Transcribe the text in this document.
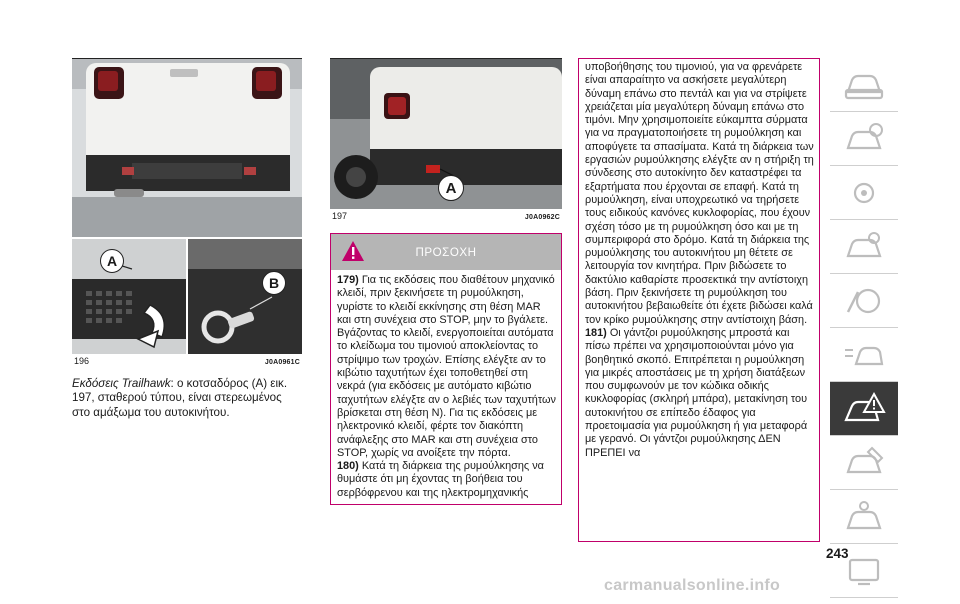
A
B
196	J0A0961C

Εκδόσεις Trailhawk: ο κοτσαδόρος (A) εικ. 197, σταθερού τύπου, είναι στερεωμένος στο αμάξωμα του αυτοκινήτου.

A
197	J0A0962C
ΠΡΟΣΟΧΗ

179) Για τις εκδόσεις που διαθέτουν μηχανικό κλειδί, πριν ξεκινήσετε τη ρυμούλκηση, γυρίστε το κλειδί εκκίνησης στη θέση MAR και στη συνέχεια στο STOP, μην το βγάλετε. Βγάζοντας το κλειδί, ενεργοποιείται αυτόματα το κλείδωμα του τιμονιού αποκλείοντας το στρίψιμο των τροχών. Επίσης ελέγξτε αν το κιβώτιο ταχυτήτων έχει τοποθετηθεί στη νεκρά (για εκδόσεις με αυτόματο κιβώτιο ταχυτήτων ελέγξτε αν ο λεβιές των ταχυτήτων βρίσκεται στη θέση N). Για τις εκδόσεις με ηλεκτρονικό κλειδί, φέρτε τον διακόπτη ανάφλεξης στο MAR και στη συνέχεια στο STOP, χωρίς να ανοίξετε την πόρτα.

180) Κατά τη διάρκεια της ρυμούλκησης να θυμάστε ότι μη έχοντας τη βοήθεια του σερβόφρενου και της ηλεκτρομηχανικής

υποβοήθησης του τιμονιού, για να φρενάρετε είναι απαραίτητο να ασκήσετε μεγαλύτερη δύναμη επάνω στο πεντάλ και για να στρίψετε χρειάζεται μία μεγαλύτερη δύναμη επάνω στο τιμόνι. Μην χρησιμοποιείτε εύκαμπτα σύρματα για να πραγματοποιήσετε τη ρυμούλκηση και αποφύγετε τα σπασίματα. Κατά τη διάρκεια των εργασιών ρυμούλκησης ελέγξτε αν η στήριξη τη σύνδεσης στο αυτοκίνητο δεν καταστρέφει τα εξαρτήματα που έρχονται σε επαφή. Κατά τη ρυμούλκηση, είναι υποχρεωτικό να τηρήσετε τους ειδικούς κανόνες κυκλοφορίας, που έχουν σχέση τόσο με τη ρυμούλκηση όσο και με τη συμπεριφορά στο δρόμο. Κατά τη διάρκεια της ρυμούλκησης του αυτοκινήτου μη θέτετε σε λειτουργία τον κινητήρα. Πριν βιδώσετε το δακτύλιο καθαρίστε προσεκτικά την αντίστοιχη βάση. Πριν ξεκινήσετε τη ρυμούλκηση του αυτοκινήτου βεβαιωθείτε ότι έχετε βιδώσει καλά τον κρίκο ρυμούλκησης στην αντίστοιχη βάση.

181) Οι γάντζοι ρυμούλκησης μπροστά και πίσω πρέπει να χρησιμοποιούνται μόνο για βοηθητικό σκοπό. Επιτρέπεται η ρυμούλκηση για μικρές αποστάσεις με τη χρήση διατάξεων που συμφωνούν με τον κώδικα οδικής κυκλοφορίας (σκληρή μπάρα), μετακίνηση του αυτοκινήτου σε επίπεδο έδαφος για προετοιμασία για ρυμούλκηση ή για μεταφορά με γερανό. Οι γάντζοι ρυμούλκησης ΔΕΝ ΠΡΕΠΕΙ να

243
carmanualsonline.info
